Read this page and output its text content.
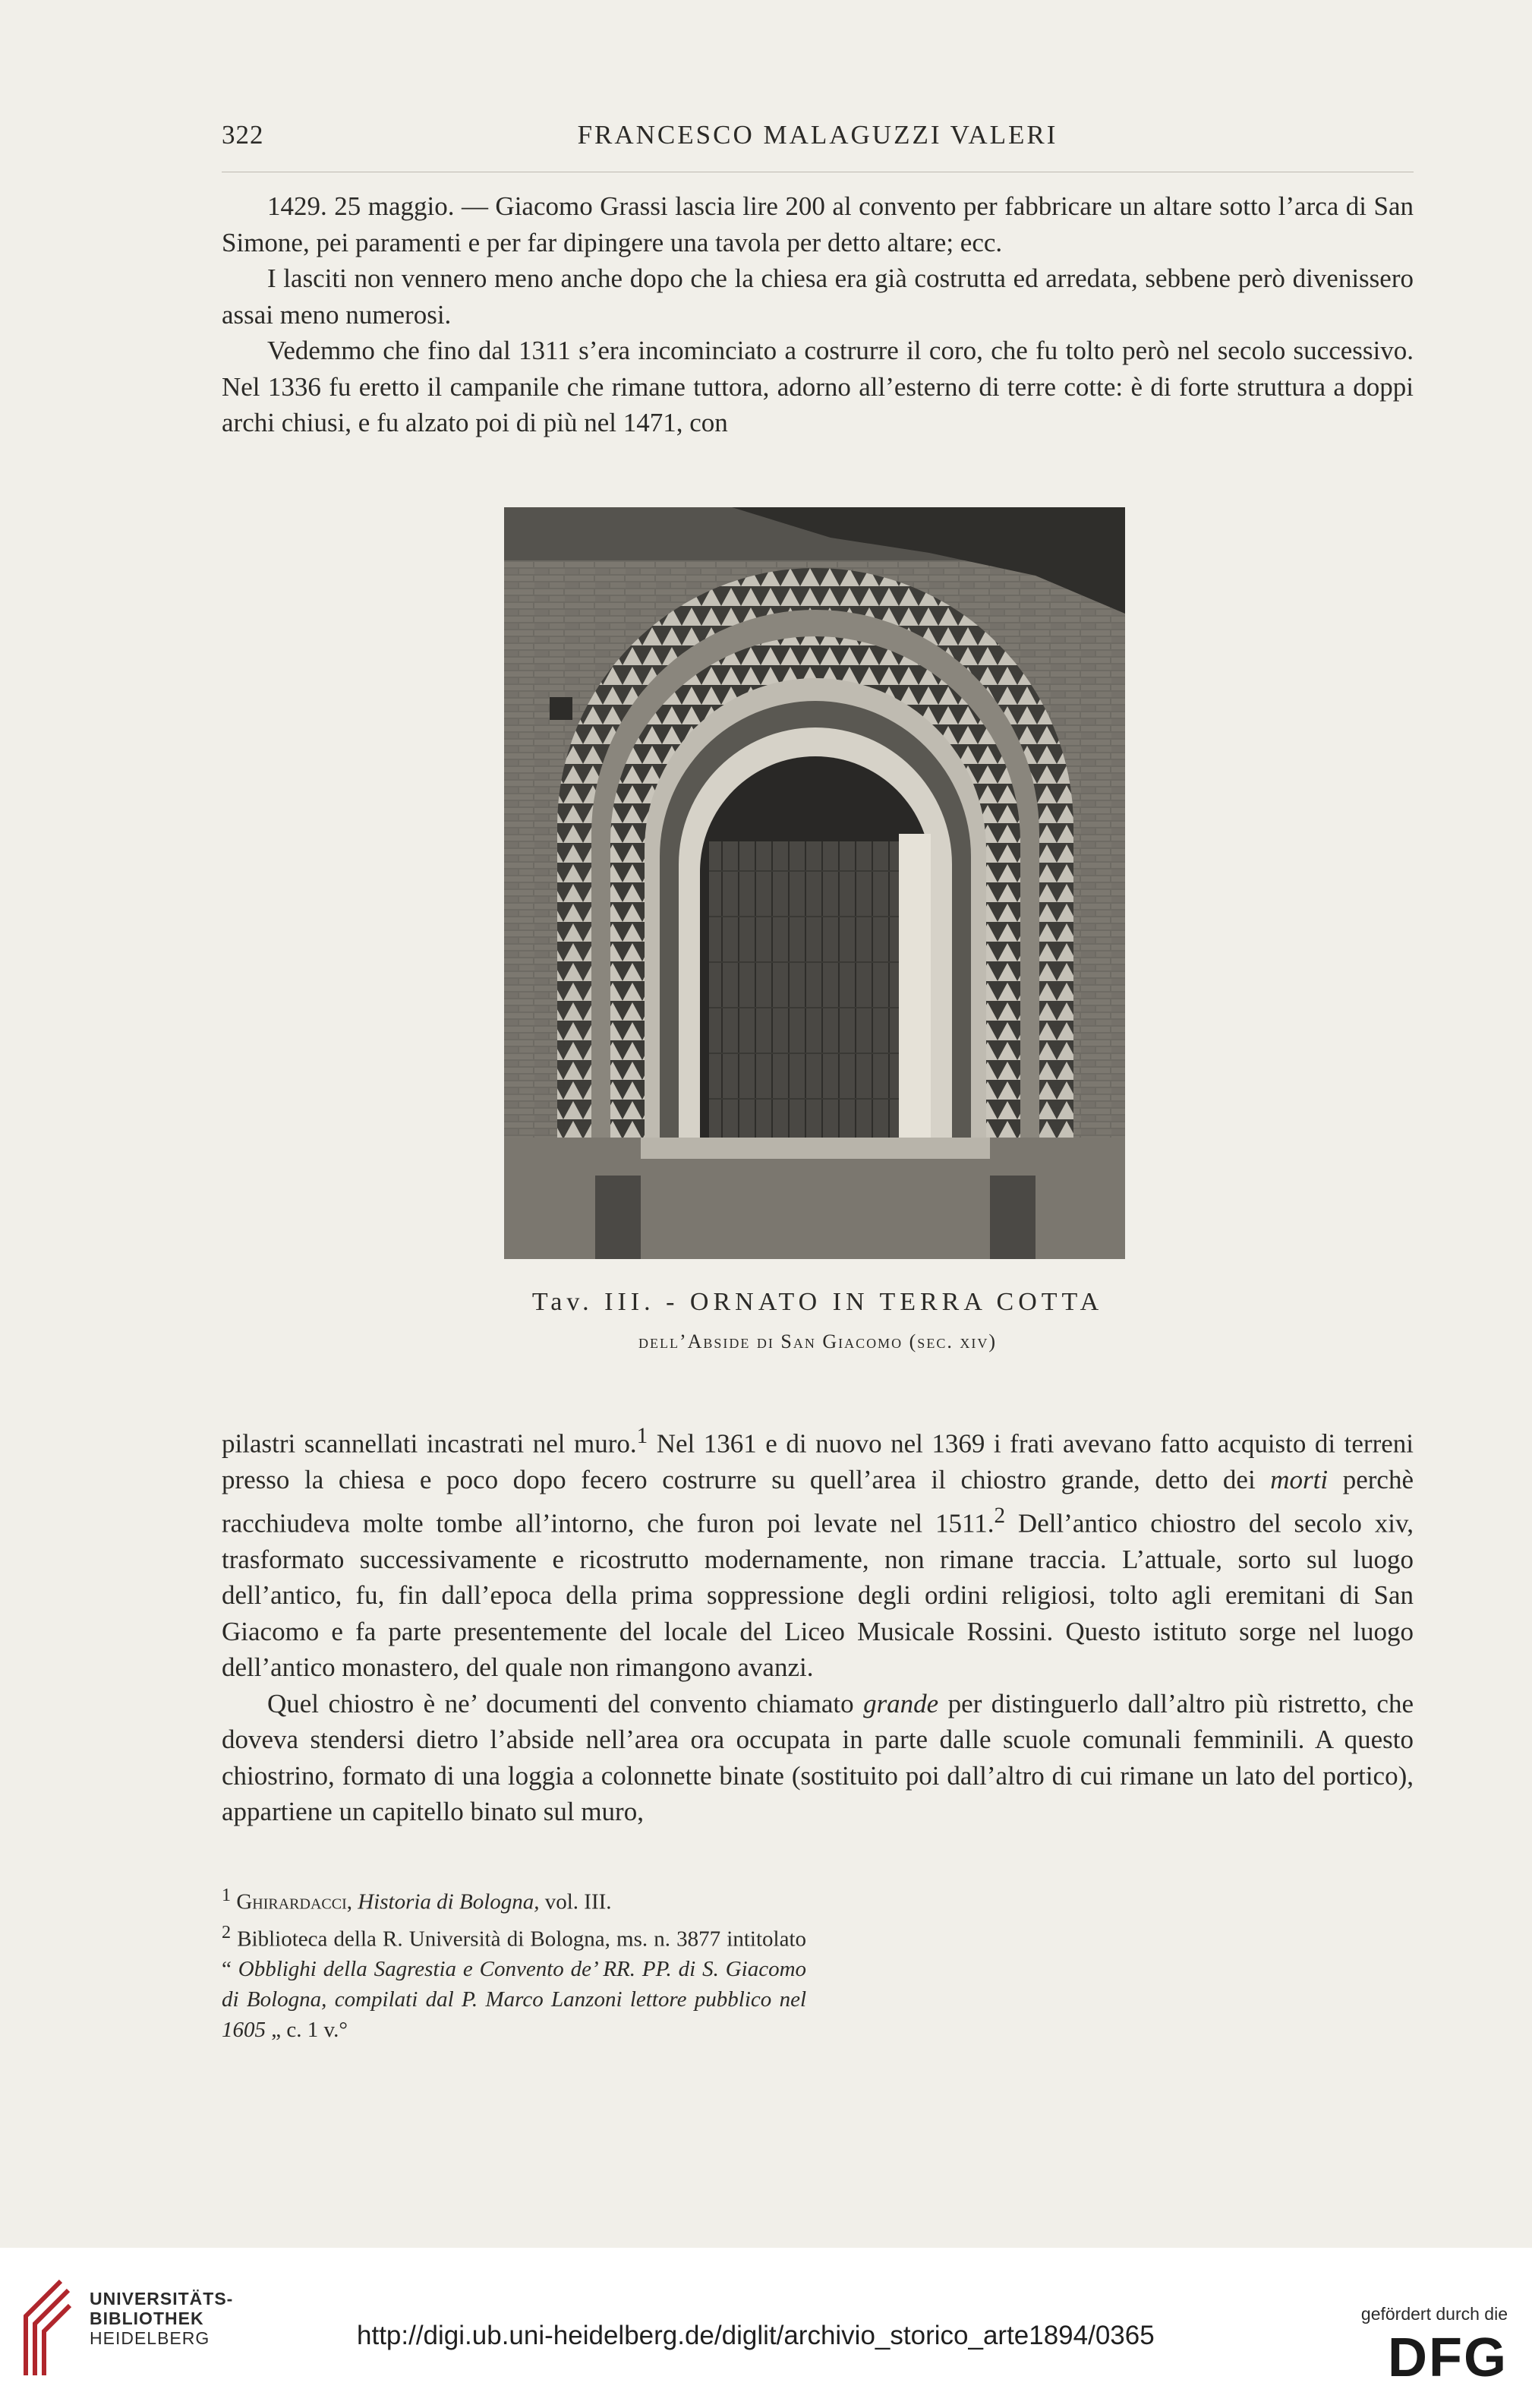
322	FRANCESCO MALAGUZZI VALERI

1429. 25 maggio. — Giacomo Grassi lascia lire 200 al convento per fabbricare un altare sotto l’arca di San Simone, pei paramenti e per far dipingere una tavola per detto altare; ecc.

I lasciti non vennero meno anche dopo che la chiesa era già costrutta ed arredata, sebbene però divenissero assai meno numerosi.

Vedemmo che fino dal 1311 s’era incominciato a costrurre il coro, che fu tolto però nel secolo successivo. Nel 1336 fu eretto il campanile che rimane tuttora, adorno all’esterno di terre cotte: è di forte struttura a doppi archi chiusi, e fu alzato poi di più nel 1471, con

Tav. III. - ORNATO IN TERRA COTTA
dell’Abside di San Giacomo (sec. xiv)

pilastri scannellati incastrati nel muro.$^1$ Nel 1361 e di nuovo nel 1369 i frati avevano fatto acquisto di terreni presso la chiesa e poco dopo fecero costrurre su quell’area il chiostro grande, detto dei morti perchè racchiudeva molte tombe all’intorno, che furon poi levate nel 1511.$^2$ Dell’antico chiostro del secolo xiv, trasformato successivamente e ricostrutto modernamente, non rimane traccia. L’attuale, sorto sul luogo dell’antico, fu, fin dall’epoca della prima soppressione degli ordini religiosi, tolto agli eremitani di San Giacomo e fa parte presentemente del locale del Liceo Musicale Rossini. Questo istituto sorge nel luogo dell’antico monastero, del quale non rimangono avanzi.

Quel chiostro è ne’ documenti del convento chiamato grande per distinguerlo dall’altro più ristretto, che doveva stendersi dietro l’abside nell’area ora occupata in parte dalle scuole comunali femminili. A questo chiostrino, formato di una loggia a colonnette binate (sostituito poi dall’altro di cui rimane un lato del portico), appartiene un capitello binato sul muro,

$^1$ Ghirardacci, Historia di Bologna, vol. III.

$^2$ Biblioteca della R. Università di Bologna, ms. n. 3877 intitolato “ Obblighi della Sagrestia e Convento de’ RR. PP. di S. Giacomo di Bologna, compilati dal P. Marco Lanzoni lettore pubblico nel 1605 „ c. 1 v.°

UNIVERSITÄTS-
BIBLIOTHEK
HEIDELBERG	http://digi.ub.uni-heidelberg.de/diglit/archivio_storico_arte1894/0365
gefördert durch die
DFG
